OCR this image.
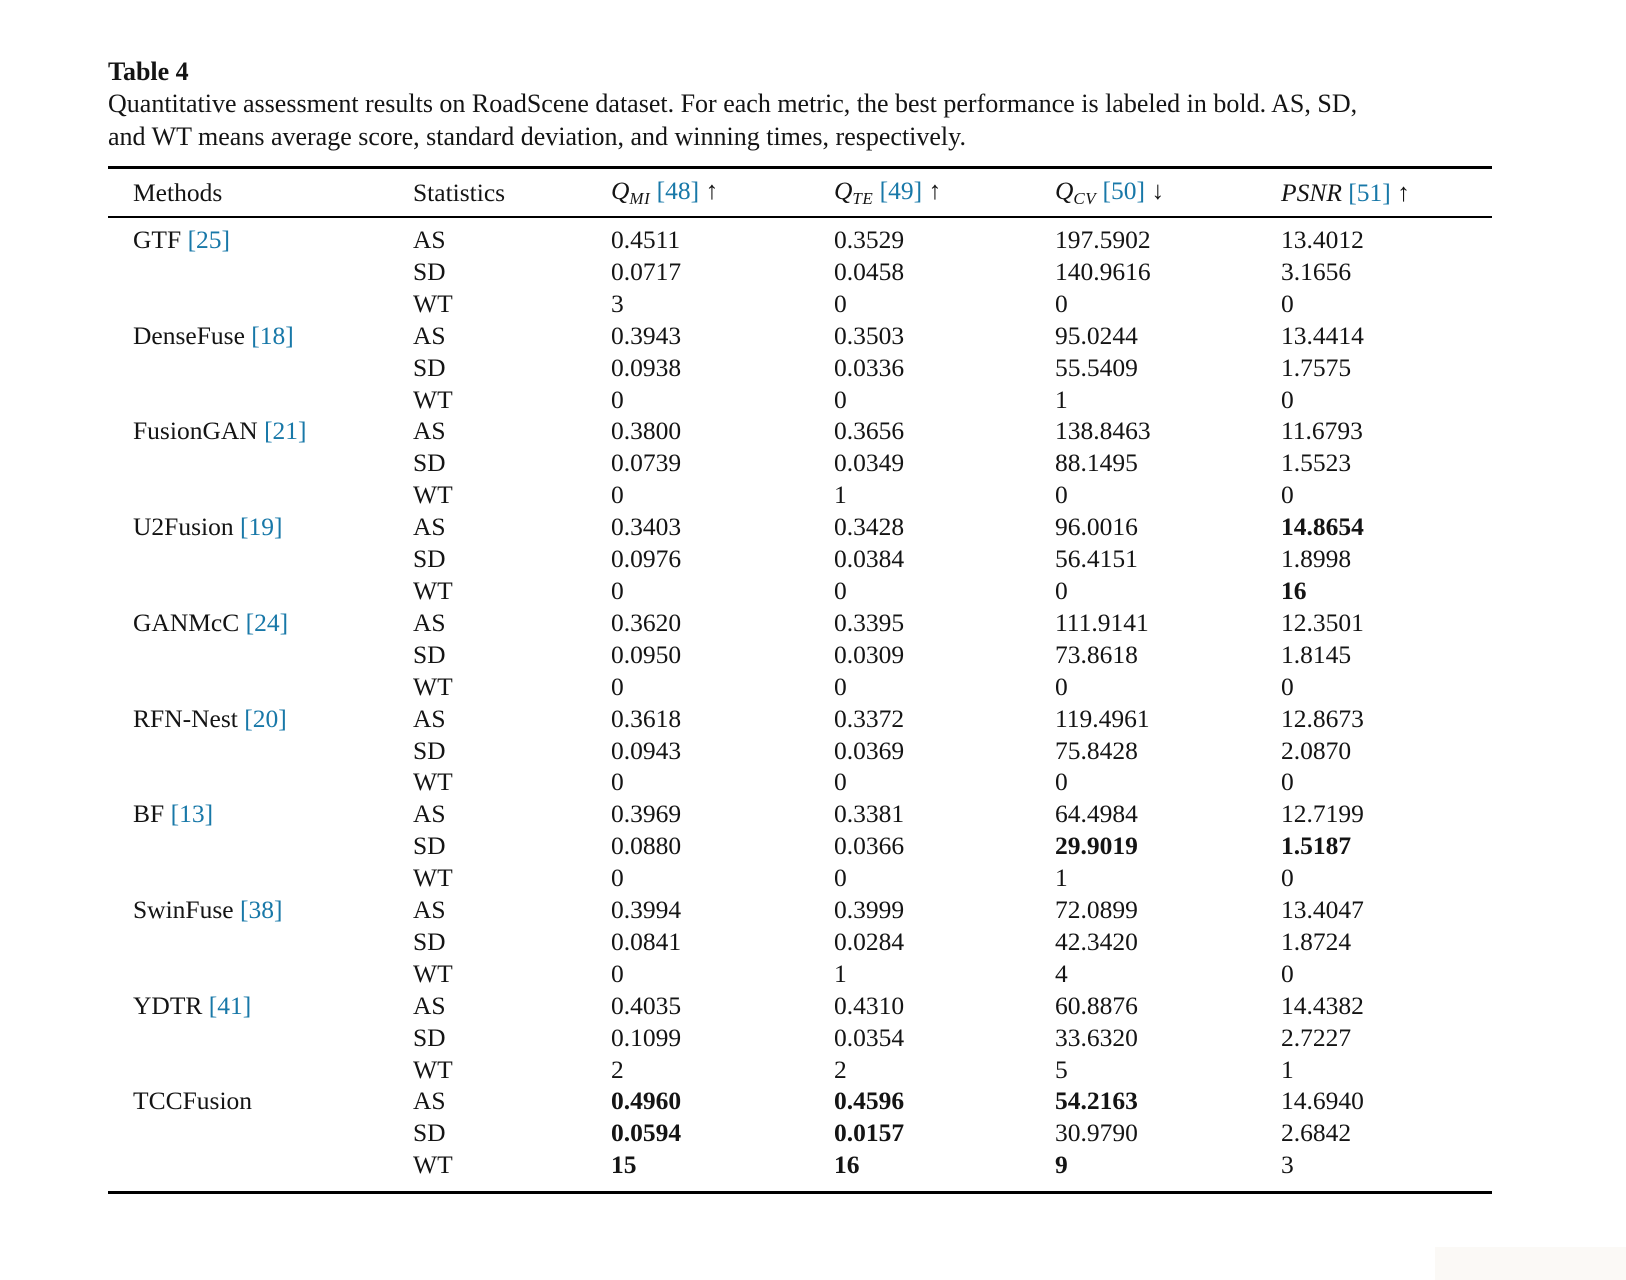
Table 4
Quantitative assessment results on RoadScene dataset. For each metric, the best performance is labeled in bold. AS, SD,
and WT means average score, standard deviation, and winning times, respectively.
Methods	Statistics	QMI [48] ↑	QTE [49] ↑	QCV [50] ↓	PSNR [51] ↑
GTF [25]	AS	0.4511	0.3529	197.5902	13.4012
	SD	0.0717	0.0458	140.9616	3.1656
	WT	3	0	0	0
DenseFuse [18]	AS	0.3943	0.3503	95.0244	13.4414
	SD	0.0938	0.0336	55.5409	1.7575
	WT	0	0	1	0
FusionGAN [21]	AS	0.3800	0.3656	138.8463	11.6793
	SD	0.0739	0.0349	88.1495	1.5523
	WT	0	1	0	0
U2Fusion [19]	AS	0.3403	0.3428	96.0016	14.8654
	SD	0.0976	0.0384	56.4151	1.8998
	WT	0	0	0	16
GANMcC [24]	AS	0.3620	0.3395	111.9141	12.3501
	SD	0.0950	0.0309	73.8618	1.8145
	WT	0	0	0	0
RFN-Nest [20]	AS	0.3618	0.3372	119.4961	12.8673
	SD	0.0943	0.0369	75.8428	2.0870
	WT	0	0	0	0
BF [13]	AS	0.3969	0.3381	64.4984	12.7199
	SD	0.0880	0.0366	29.9019	1.5187
	WT	0	0	1	0
SwinFuse [38]	AS	0.3994	0.3999	72.0899	13.4047
	SD	0.0841	0.0284	42.3420	1.8724
	WT	0	1	4	0
YDTR [41]	AS	0.4035	0.4310	60.8876	14.4382
	SD	0.1099	0.0354	33.6320	2.7227
	WT	2	2	5	1
TCCFusion	AS	0.4960	0.4596	54.2163	14.6940
	SD	0.0594	0.0157	30.9790	2.6842
	WT	15	16	9	3
